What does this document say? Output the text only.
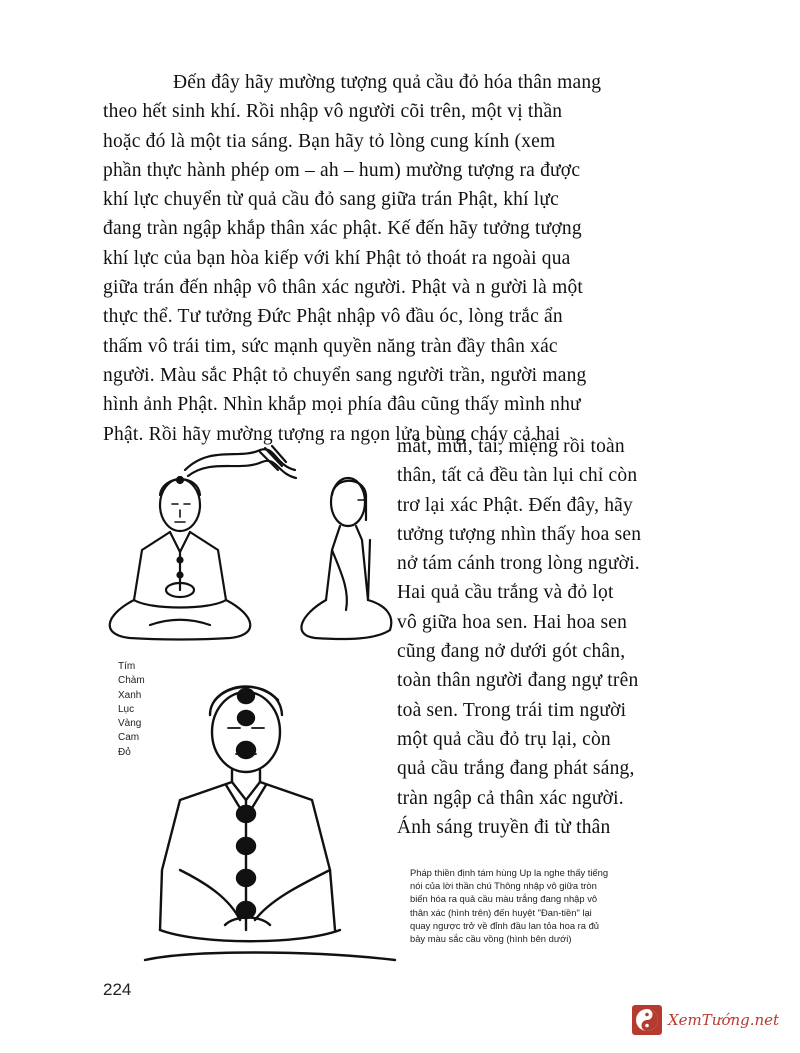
Đến đây hãy mường tượng quả cầu đỏ hóa thân mang
theo hết sinh khí. Rồi nhập vô người cõi trên, một vị thần
hoặc đó là một tia sáng. Bạn hãy tỏ lòng cung kính (xem
phần thực hành phép om – ah – hum) mường tượng ra được
khí lực chuyển từ quả cầu đỏ sang giữa trán Phật, khí lực
đang tràn ngập khắp thân xác phật. Kế đến hãy tưởng tượng
khí lực của bạn hòa kiếp với khí Phật tỏ thoát ra ngoài qua
giữa trán đến nhập vô thân xác người. Phật và n gười là một
thực thể. Tư tưởng Đức Phật nhập vô đầu óc, lòng trắc ẩn
thấm vô trái tim, sức mạnh quyền năng tràn đầy thân xác
người. Màu sắc Phật tỏ chuyển sang người trần, người mang
hình ảnh Phật. Nhìn khắp mọi phía đâu cũng thấy mình như
Phật. Rồi hãy mường tượng ra ngọn lửa bùng cháy cả hai
Tím
Chàm
Xanh
Lục
Vàng
Cam
Đỏ
mắt, mũi, tai, miệng rồi toàn
thân, tất cả đều tàn lụi chỉ còn
trơ lại xác Phật. Đến đây, hãy
tưởng tượng nhìn thấy hoa sen
nở tám cánh trong lòng người.
Hai quả cầu trắng và đỏ lọt
vô giữa hoa sen. Hai hoa sen
cũng đang nở dưới gót chân,
toàn thân người đang ngự trên
toà sen. Trong trái tim người
một quả cầu đỏ trụ lại, còn
quả cầu trắng đang phát sáng,
tràn ngập cả thân xác người.
Ánh sáng truyền đi từ thân
Pháp thiền định tám hùng Up la nghe thấy tiếng
nói của lời thần chú Thông nhập vô giữa tròn
biến hóa ra quả cầu màu trắng đang nhập vô
thân xác (hình trên) đến huyệt "Đan-tiền" lại
quay ngược trở về đỉnh đầu lan tỏa hoa ra đủ
bảy màu sắc cầu vồng (hình bên dưới)
224
XemTướng.net
